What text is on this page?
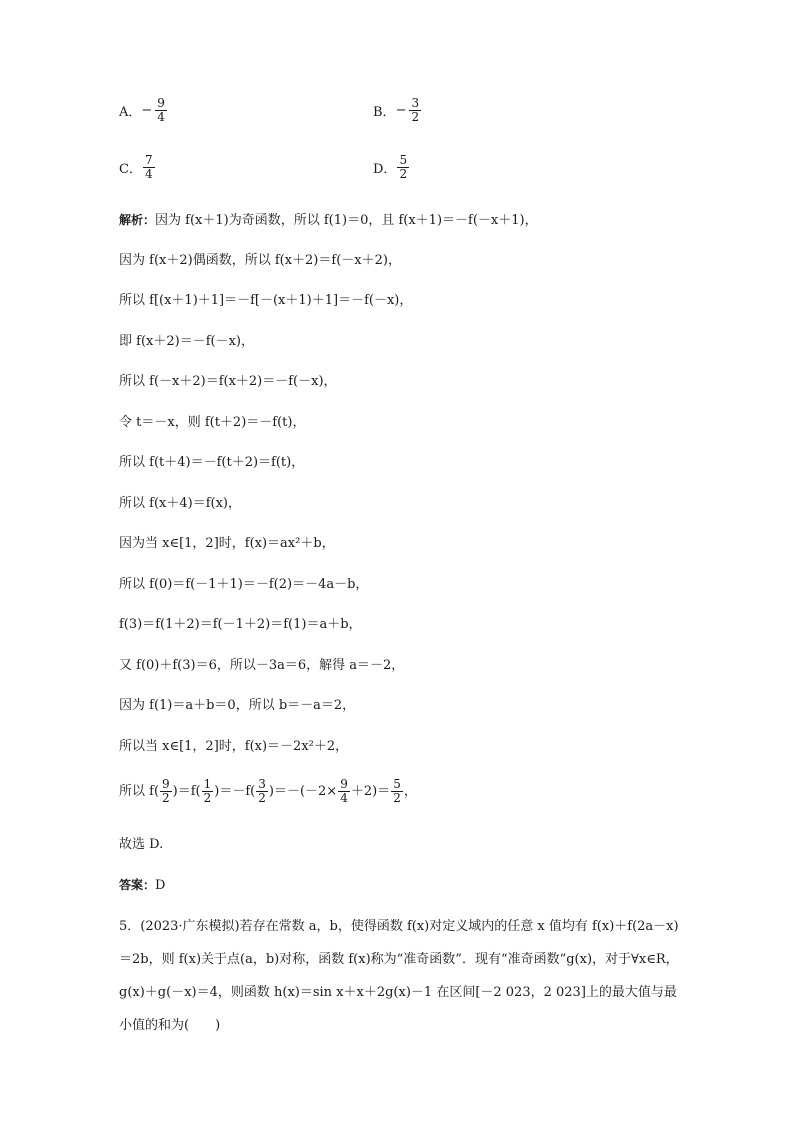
A． − $\frac{9}{4}$	B． − $\frac{3}{2}$
C． $\frac{7}{4}$	D． $\frac{5}{2}$
解析：因为 f(x＋1)为奇函数，所以 f(1)＝0，且 f(x＋1)＝－f(－x＋1)，
因为 f(x＋2)偶函数，所以 f(x＋2)＝f(－x＋2)，
所以 f[(x＋1)＋1]＝－f[－(x＋1)＋1]＝－f(－x)，
即 f(x＋2)＝－f(－x)，
所以 f(－x＋2)＝f(x＋2)＝－f(－x)，
令 t＝－x，则 f(t＋2)＝－f(t)，
所以 f(t＋4)＝－f(t＋2)＝f(t)，
所以 f(x＋4)＝f(x)，
因为当 x∈[1，2]时，f(x)＝ax²＋b，
所以 f(0)＝f(－1＋1)＝－f(2)＝－4a－b，
f(3)＝f(1＋2)＝f(－1＋2)＝f(1)＝a＋b，
又 f(0)＋f(3)＝6，所以－3a＝6，解得 a＝－2，
因为 f(1)＝a＋b＝0，所以 b＝－a＝2，
所以当 x∈[1，2]时，f(x)＝－2x²＋2，
所以 $f( \frac{9}{2} )=f( \frac{1}{2} )=-f( \frac{3}{2} )=-(-2\times \frac{9}{4} +2)= \frac{5}{2}$ ，
故选 D.
答案：D
5．(2023·广东模拟)若存在常数 a，b，使得函数 f(x)对定义域内的任意 x 值均有 f(x)＋f(2a－x)＝2b，则 f(x)关于点(a，b)对称，函数 f(x)称为“准奇函数”．现有“准奇函数”g(x)，对于∀x∈R，g(x)＋g(－x)＝4，则函数 h(x)＝sin x＋x＋2g(x)－1 在区间[－2 023，2 023]上的最大值与最小值的和为(　　)
